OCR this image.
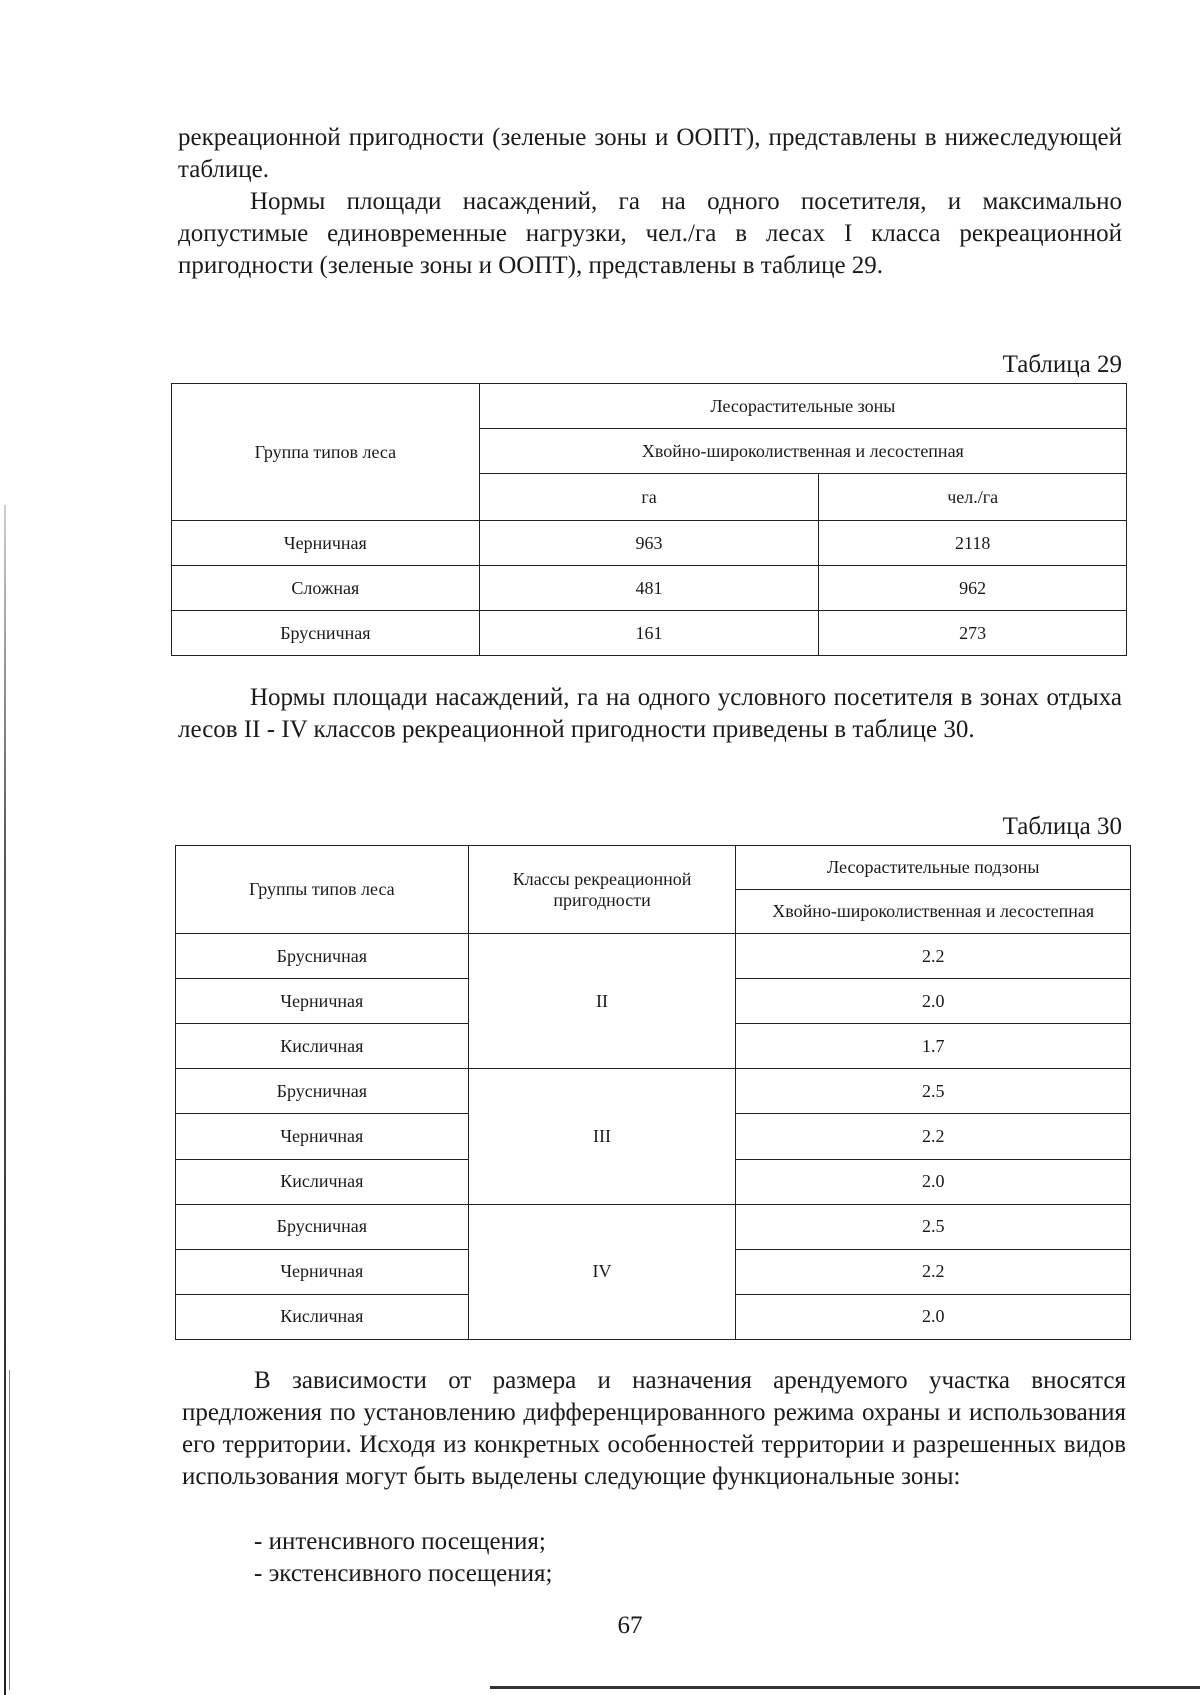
рекреационной пригодности (зеленые зоны и ООПТ), представлены в нижеследующей таблице.

Нормы площади насаждений, га на одного посетителя, и максимально допустимые единовременные нагрузки, чел./га в лесах I класса рекреационной пригодности (зеленые зоны и ООПТ), представлены в таблице 29.

Таблица 29
Группа типов леса	Лесорастительные зоны	
	Хвойно-широколиственная и лесостепная	
	га	чел./га
Черничная	963	2118
Сложная	481	962
Брусничная	161	273

Нормы площади насаждений, га на одного условного посетителя в зонах отдыха лесов II - IV классов рекреационной пригодности приведены в таблице 30.

Таблица 30
Группы типов леса	Классы рекреационной пригодности	Лесорастительные подзоны
		Хвойно-широколиственная и лесостепная
Брусничная	II	2.2
Черничная		2.0
Кисличная		1.7
Брусничная	III	2.5
Черничная		2.2
Кисличная		2.0
Брусничная	IV	2.5
Черничная		2.2
Кисличная		2.0

В зависимости от размера и назначения арендуемого участка вносятся предложения по установлению дифференцированного режима охраны и использования его территории. Исходя из конкретных особенностей территории и разрешенных видов использования могут быть выделены следующие функциональные зоны:

- интенсивного посещения;
- экстенсивного посещения;
67
